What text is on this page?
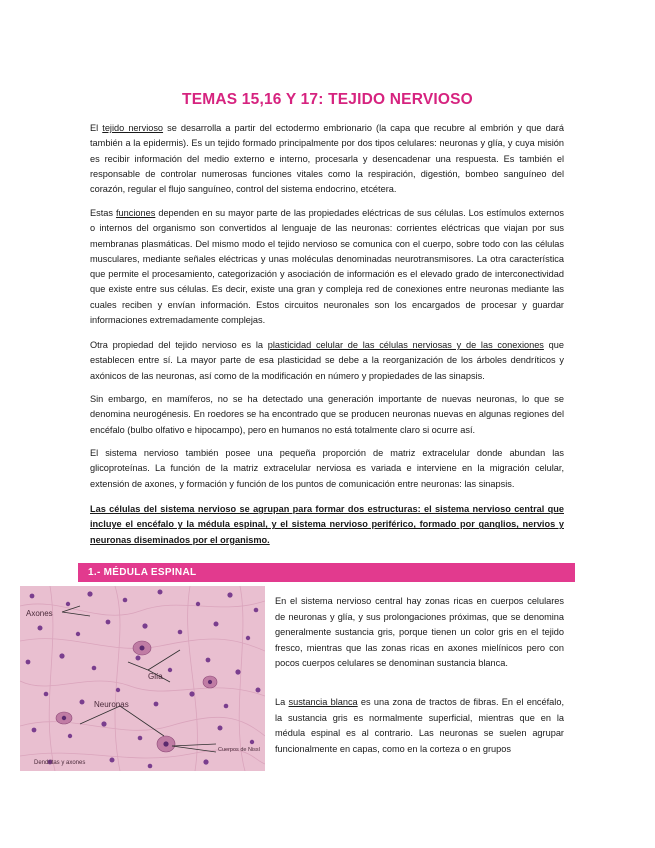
TEMAS 15,16 Y 17: TEJIDO NERVIOSO

El tejido nervioso se desarrolla a partir del ectodermo embrionario (la capa que recubre al embrión y que dará también a la epidermis). Es un tejido formado principalmente por dos tipos celulares: neuronas y glía, y cuya misión es recibir información del medio externo e interno, procesarla y desencadenar una respuesta. Es también el responsable de controlar numerosas funciones vitales como la respiración, digestión, bombeo sanguíneo del corazón, regular el flujo sanguíneo, control del sistema endocrino, etcétera.

Estas funciones dependen en su mayor parte de las propiedades eléctricas de sus células. Los estímulos externos o internos del organismo son convertidos al lenguaje de las neuronas: corrientes eléctricas que viajan por sus membranas plasmáticas. Del mismo modo el tejido nervioso se comunica con el cuerpo, sobre todo con las células musculares, mediante señales eléctricas y unas moléculas denominadas neurotransmisores. La otra característica que permite el procesamiento, categorización y asociación de información es el elevado grado de interconectividad que existe entre sus células. Es decir, existe una gran y compleja red de conexiones entre neuronas mediante las cuales reciben y envían información. Estos circuitos neuronales son los encargados de procesar y guardar informaciones extremadamente complejas.

Otra propiedad del tejido nervioso es la plasticidad celular de las células nerviosas y de las conexiones que establecen entre sí. La mayor parte de esa plasticidad se debe a la reorganización de los árboles dendríticos y axónicos de las neuronas, así como de la modificación en número y propiedades de las sinapsis.

Sin embargo, en mamíferos, no se ha detectado una generación importante de nuevas neuronas, lo que se denomina neurogénesis. En roedores se ha encontrado que se producen neuronas nuevas en algunas regiones del encéfalo (bulbo olfativo e hipocampo), pero en humanos no está totalmente claro si ocurre así.

El sistema nervioso también posee una pequeña proporción de matriz extracelular donde abundan las glicoproteínas. La función de la matriz extracelular nerviosa es variada e interviene en la migración celular, extensión de axones, y formación y función de los puntos de comunicación entre neuronas: las sinapsis.

Las células del sistema nervioso se agrupan para formar dos estructuras: el sistema nervioso central que incluye el encéfalo y la médula espinal, y el sistema nervioso periférico, formado por ganglios, nervios y neuronas diseminados por el organismo.

1.- MÉDULA ESPINAL
Axones
Glía
Neuronas
Cuerpos de Nissl
Dendritas y axones

En el sistema nervioso central hay zonas ricas en cuerpos celulares de neuronas y glía, y sus prolongaciones próximas, que se denomina generalmente sustancia gris, porque tienen un color gris en el tejido fresco, mientras que las zonas ricas en axones mielínicos pero con pocos cuerpos celulares se denominan sustancia blanca.

La sustancia blanca es una zona de tractos de fibras. En el encéfalo, la sustancia gris es normalmente superficial, mientras que en la médula espinal es al contrario. Las neuronas se suelen agrupar funcionalmente en capas, como en la corteza o en grupos
